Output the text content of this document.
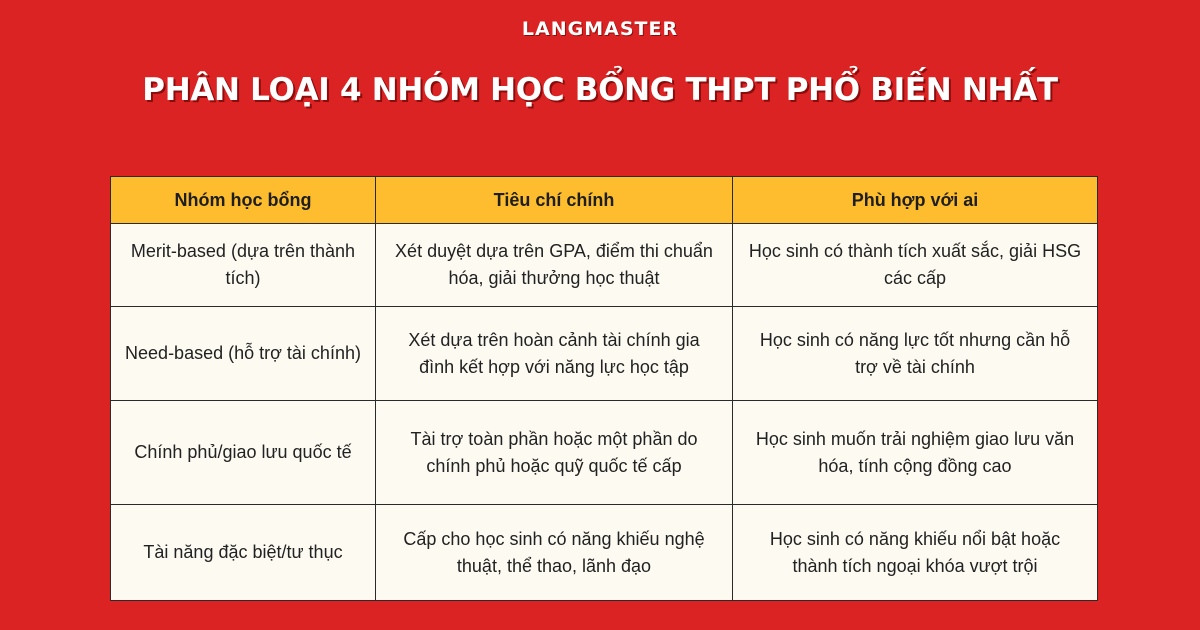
LANGMASTER
PHÂN LOẠI 4 NHÓM HỌC BỔNG THPT PHỔ BIẾN NHẤT
Nhóm học bổng	Tiêu chí chính	Phù hợp với ai
Merit-based (dựa trên thành tích)	Xét duyệt dựa trên GPA, điểm thi chuẩn hóa, giải thưởng học thuật	Học sinh có thành tích xuất sắc, giải HSG các cấp
Need-based (hỗ trợ tài chính)	Xét dựa trên hoàn cảnh tài chính gia đình kết hợp với năng lực học tập	Học sinh có năng lực tốt nhưng cần hỗ trợ về tài chính
Chính phủ/giao lưu quốc tế	Tài trợ toàn phần hoặc một phần do chính phủ hoặc quỹ quốc tế cấp	Học sinh muốn trải nghiệm giao lưu văn hóa, tính cộng đồng cao
Tài năng đặc biệt/tư thục	Cấp cho học sinh có năng khiếu nghệ thuật, thể thao, lãnh đạo	Học sinh có năng khiếu nổi bật hoặc thành tích ngoại khóa vượt trội
